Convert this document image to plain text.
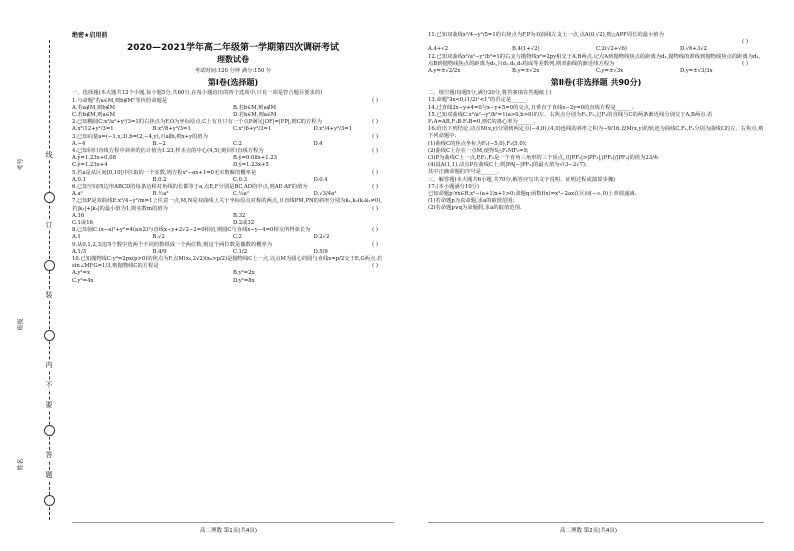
考号
班级
姓名
线
订
装
内
不
要
答
题
绝密★启用前
2020—2021学年高二年级第一学期第四次调研考试
理数试卷
考试时间:120 分钟 满分:150 分
第Ⅰ卷(选择题)

一、选择题(本大题共12个小题,每小题5分,共60分,在每小题给出的四个选项中,只有一项是符合题目要求的)

1.与命题"若a∈M,则b∉M"等价的命题是	( )

A.若a∉M,则b∉M	B.若b∈M,则a∉M
C.若b∉M,则a∈M	D.若b∈M,则a∈M

2.已知椭圆C:x²/a²+y²/3=1的右焦点为F,O为坐标原点,C上有且只有一个点P满足|OF|=|FP|,则C的方程为	( )

A.x²/12+y²/3=1	B.x²/8+y²/3=1	C.x²/6+y²/3=1	D.x²/4+y²/3=1

3.已知向量a=(−1,x,3),b=(2,−4,y),且a∥b,则x+y的值为	( )

A.−4	B.−2	C.2	D.4

4.已知回归直线方程中斜率的估计值为1.23,样本点的中心(4,5),则回归直线方程为	( )

A.ŷ=1.23x+0.08	B.ŷ=0.08x+1.23
C.ŷ=1.23x+4	D.ŷ=1.23x+5

5.若a是从区间[0,10]中任取的一个实数,则方程x²−ax+1=0无实数解的概率是	( )

A.0.1	B.0.2	C.0.3	D.0.4

6.已知空间四边形ABCD的每条边和对角线的长都等于a,点E,F分别是BC,AD的中点,则AE·AF的值为	( )

A.a²	B.½a²	C.¼a²	D.√3/4a²

7.已知P是双曲线E:x²/4−y²/m=1上任意一点,M,N是双曲线上关于坐标原点对称的两点,且直线PM,PN的斜率分别为k₁,k₂(k₁k₂≠0),若|k₁|+|k₂|的最小值为1,则实数m的值为	( )

A.16	B.32
C.1或16	D.2或32

8.已知圆C:(x−a)²+y²=4(a≥2)与直线x−y+2√2−2=0相切,则圆C与直线x−y−4=0相交所得弦长为	( )

A.1	B.√2	C.2	D.2√2

9.从0,1,2,3这四个数中选两个不同的数组成一个两位数,则这个两位数是偶数的概率为	( )

A.1/3	B.4/9	C.1/2	D.5/9

10.已知抛物线C:y²=2px(p>0)的焦点为F,点M(x₀,2√2)(x₀>p/2)是抛物线C上一点,以点M为圆心的圆与直线x=p/2交于E,G两点,若sin∠MFG=1/3,则抛物线C的方程是	( )

A.y²=x	B.y²=2x
C.y²=4x	D.y²=8x

11.已知双曲线x²/4−y²/5=1的右焦点为F,P为双曲线左支上一点,点A(0,√2),则△APF周长的最小值为

( )

A.4+√2	B.4(1+√2)	C.2(√2+√6)	D.√6+3√2

12.已知双曲线x²/a²−y²/b²=1的右支与抛物线x²=2py相交于A,B两点,记点A到抛物线焦点的距离为d₁,抛物线的准线到抛物线焦点的距离为d₂,点B到抛物线焦点的距离为d₃,且d₁,d₂,d₃构成等差数列,则双曲线的渐近线方程为	( )

A.y=±√2/2x	B.y=±√2x	C.y=±√3x	D.y=±√3/3x
第Ⅱ卷(非选择题 共90分)

二、填空题(每题5分,满分20分,将答案填在答题纸上)

13.命题"∃x<0,(1/2)ˣ<1"的否定是______.

14.过直线2x−y+4=0与x−y+5=0的交点,且垂直于直线x−2y=0的直线方程是______.

15.已知双曲线C:x²/a²−y²/b²=1(a>0,b>0)的左、右焦点分别为F₁,F₂,过F₁的直线与C的两条渐近线分别交于A,B两点.若F₁A=AB,F₁B·F₂B=0,则C的离心率为______.

16.给出下列结论,动点M(x,y)分别到两定点(−4,0),(4,0)连线的斜率之积为−9/16,设M(x,y)的轨迹为曲线C,F₁,F₂分别为曲线C的左、右焦点,则下列命题中:

(1)曲线C的焦点坐标为F₁(−5,0),F₂(5,0);

(2)曲线C上存在一点M,使得S△F₁MF₂=9;

(3)P为曲线C上一点,P,F₁,F₂是一个直角三角形的三个顶点,且|PF₁|>|PF₂|,|PF₁|/|PF₂|的值为23/4;

(4)设A(1,1),动点P在曲线C上,则|PA|−|PF₁|的最大值为√(3−2√7);

其中正确命题的序号是______.

三、解答题(本大题共6小题,共70分,解答应写出文字说明、证明过程或演算步骤)

17.(本小题满分10分)

已知命题p:∀x∈R,x²−(a+1)x+1>0;命题q:函数f(x)=x²−2ax在区间(−∞,0)上单调递减.

(1)若命题p为真命题,求a的取值范围;

(2)若命题p∨q为命题假,求a的取值范围.

高二理数 第1页(共4页)	高二理数 第2页(共4页)
